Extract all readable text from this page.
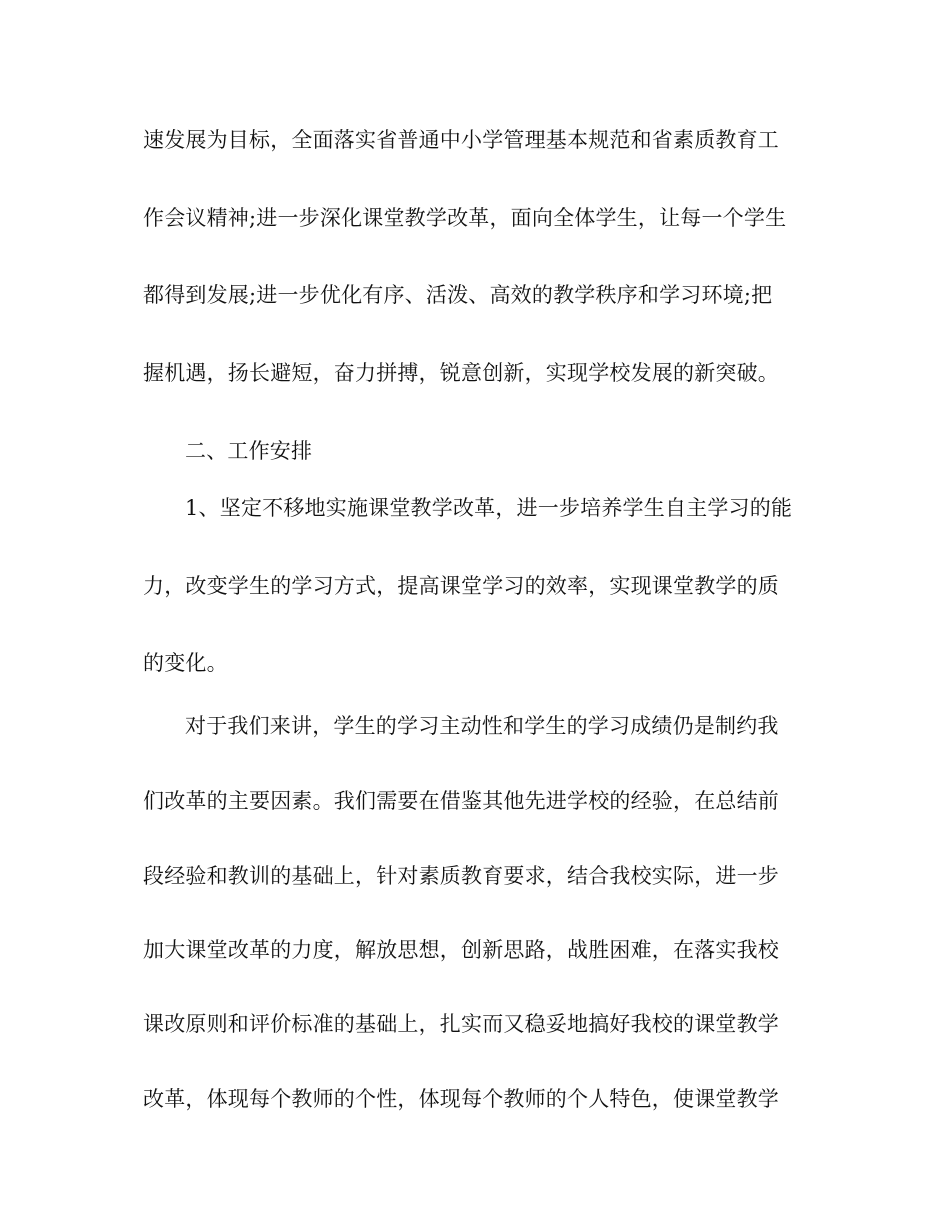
速发展为目标，全面落实省普通中小学管理基本规范和省素质教育工

作会议精神;进一步深化课堂教学改革，面向全体学生，让每一个学生

都得到发展;进一步优化有序、活泼、高效的教学秩序和学习环境;把

握机遇，扬长避短，奋力拼搏，锐意创新，实现学校发展的新突破。

二、工作安排

1、坚定不移地实施课堂教学改革，进一步培养学生自主学习的能

力，改变学生的学习方式，提高课堂学习的效率，实现课堂教学的质

的变化。

对于我们来讲，学生的学习主动性和学生的学习成绩仍是制约我

们改革的主要因素。我们需要在借鉴其他先进学校的经验，在总结前

段经验和教训的基础上，针对素质教育要求，结合我校实际，进一步

加大课堂改革的力度，解放思想，创新思路，战胜困难，在落实我校

课改原则和评价标准的基础上，扎实而又稳妥地搞好我校的课堂教学

改革，体现每个教师的个性，体现每个教师的个人特色，使课堂教学
